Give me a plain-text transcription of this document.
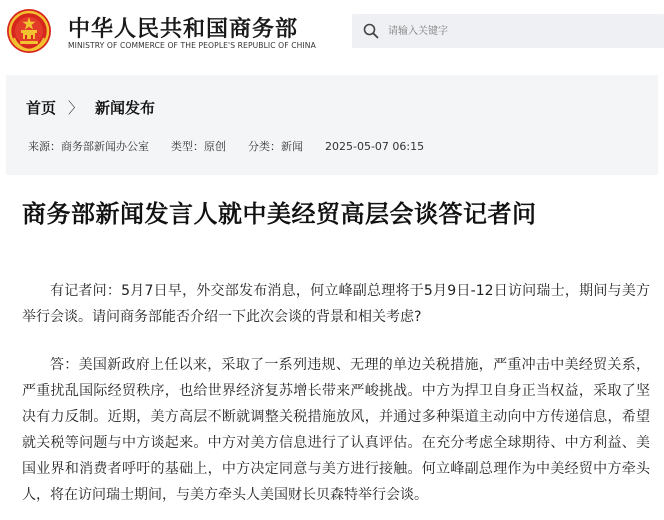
中华人民共和国商务部
MINISTRY OF COMMERCE OF THE PEOPLE'S REPUBLIC OF CHINA
请输入关键字
首页 〉 新闻发布
来源：商务部新闻办公室 类型：原创 分类：新闻 2025-05-07 06:15
商务部新闻发言人就中美经贸高层会谈答记者问

有记者问：5月7日早，外交部发布消息，何立峰副总理将于5月9日-12日访问瑞士，期间与美方举行会谈。请问商务部能否介绍一下此次会谈的背景和相关考虑?

答：美国新政府上任以来，采取了一系列违规、无理的单边关税措施，严重冲击中美经贸关系，严重扰乱国际经贸秩序，也给世界经济复苏增长带来严峻挑战。中方为捍卫自身正当权益，采取了坚决有力反制。近期，美方高层不断就调整关税措施放风，并通过多种渠道主动向中方传递信息，希望就关税等问题与中方谈起来。中方对美方信息进行了认真评估。在充分考虑全球期待、中方利益、美国业界和消费者呼吁的基础上，中方决定同意与美方进行接触。何立峰副总理作为中美经贸中方牵头人，将在访问瑞士期间，与美方牵头人美国财长贝森特举行会谈。
